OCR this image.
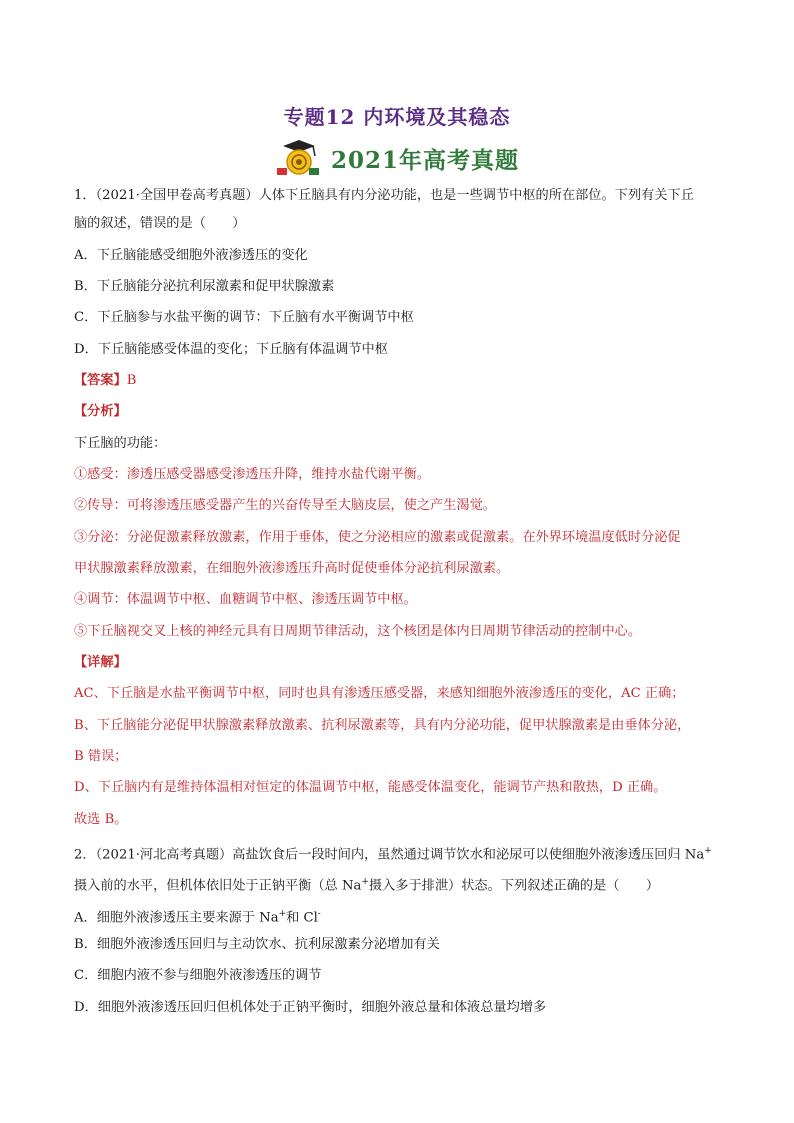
专题12 内环境及其稳态
2021年高考真题
1．（2021·全国甲卷高考真题）人体下丘脑具有内分泌功能，也是一些调节中枢的所在部位。下列有关下丘
脑的叙述，错误的是（　　）
A．下丘脑能感受细胞外液渗透压的变化
B．下丘脑能分泌抗利尿激素和促甲状腺激素
C．下丘脑参与水盐平衡的调节：下丘脑有水平衡调节中枢
D．下丘脑能感受体温的变化；下丘脑有体温调节中枢
【答案】B
【分析】
下丘脑的功能：
①感受：渗透压感受器感受渗透压升降，维持水盐代谢平衡。
②传导：可将渗透压感受器产生的兴奋传导至大脑皮层，使之产生渴觉。
③分泌：分泌促激素释放激素，作用于垂体，使之分泌相应的激素或促激素。在外界环境温度低时分泌促
甲状腺激素释放激素，在细胞外液渗透压升高时促使垂体分泌抗利尿激素。
④调节：体温调节中枢、血糖调节中枢、渗透压调节中枢。
⑤下丘脑视交叉上核的神经元具有日周期节律活动，这个核团是体内日周期节律活动的控制中心。
【详解】
AC、下丘脑是水盐平衡调节中枢，同时也具有渗透压感受器，来感知细胞外液渗透压的变化，AC 正确；
B、下丘脑能分泌促甲状腺激素释放激素、抗利尿激素等，具有内分泌功能，促甲状腺激素是由垂体分泌，
B 错误；
D、下丘脑内有是维持体温相对恒定的体温调节中枢，能感受体温变化，能调节产热和散热，D 正确。
故选 B。
2．（2021·河北高考真题）高盐饮食后一段时间内，虽然通过调节饮水和泌尿可以使细胞外液渗透压回归 Na+
摄入前的水平，但机体依旧处于正钠平衡（总 Na+摄入多于排泄）状态。下列叙述正确的是（　　）
A．细胞外液渗透压主要来源于 Na+和 Cl-
B．细胞外液渗透压回归与主动饮水、抗利尿激素分泌增加有关
C．细胞内液不参与细胞外液渗透压的调节
D．细胞外液渗透压回归但机体处于正钠平衡时，细胞外液总量和体液总量均增多
